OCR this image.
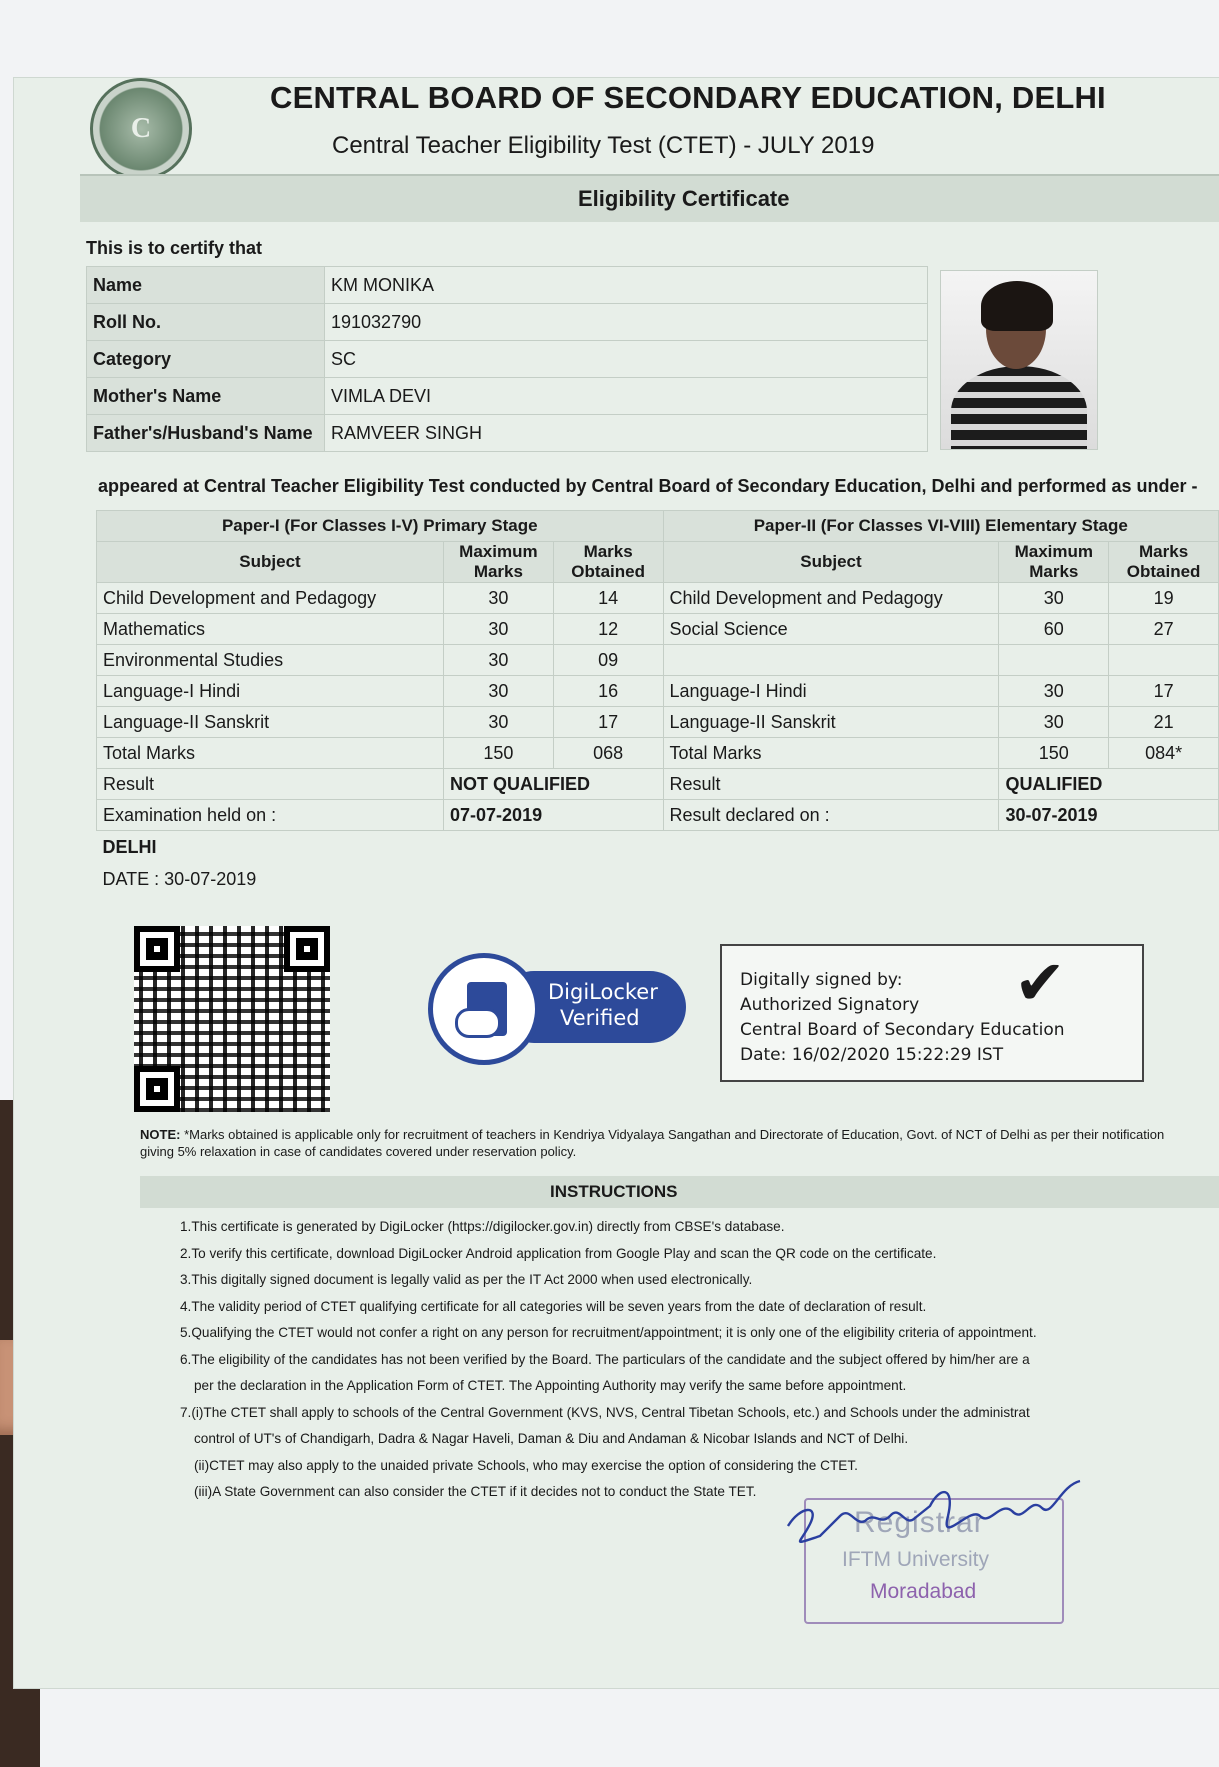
C
CENTRAL BOARD OF SECONDARY EDUCATION, DELHI
Central Teacher Eligibility Test (CTET) - JULY 2019
Eligibility Certificate
This is to certify that
Name	KM MONIKA
Roll No.	191032790
Category	SC
Mother's Name	VIMLA DEVI
Father's/Husband's Name	RAMVEER SINGH
appeared at Central Teacher Eligibility Test conducted by Central Board of Secondary Education, Delhi and performed as under -
Paper-I (For Classes I-V) Primary Stage			Paper-II (For Classes VI-VIII) Elementary Stage		
Subject	Maximum Marks	Marks Obtained	Subject	Maximum Marks	Marks Obtained
Child Development and Pedagogy	30	14	Child Development and Pedagogy	30	19
Mathematics	30	12	Social Science	60	27
Environmental Studies	30	09			
Language-I Hindi	30	16	Language-I Hindi	30	17
Language-II Sanskrit	30	17	Language-II Sanskrit	30	21
Total Marks	150	068	Total Marks	150	084*
Result	NOT QUALIFIED		Result	QUALIFIED	
Examination held on :	07-07-2019		Result declared on :	30-07-2019	
DELHI					
DATE : 30-07-2019					
DigiLocker
Verified
Digitally signed by:
Authorized Signatory
Central Board of Secondary Education
Date: 16/02/2020 15:22:29 IST
✔
NOTE: *Marks obtained is applicable only for recruitment of teachers in Kendriya Vidyalaya Sangathan and Directorate of Education, Govt. of NCT of Delhi as per their notification giving 5% relaxation in case of candidates covered under reservation policy.
INSTRUCTIONS

1.This certificate is generated by DigiLocker (https://digilocker.gov.in) directly from CBSE's database.

2.To verify this certificate, download DigiLocker Android application from Google Play and scan the QR code on the certificate.

3.This digitally signed document is legally valid as per the IT Act 2000 when used electronically.

4.The validity period of CTET qualifying certificate for all categories will be seven years from the date of declaration of result.

5.Qualifying the CTET would not confer a right on any person for recruitment/appointment; it is only one of the eligibility criteria of appointment.

6.The eligibility of the candidates has not been verified by the Board. The particulars of the candidate and the subject offered by him/her are a

per the declaration in the Application Form of CTET. The Appointing Authority may verify the same before appointment.

7.(i)The CTET shall apply to schools of the Central Government (KVS, NVS, Central Tibetan Schools, etc.) and Schools under the administrat

control of UT's of Chandigarh, Dadra & Nagar Haveli, Daman & Diu and Andaman & Nicobar Islands and NCT of Delhi.

(ii)CTET may also apply to the unaided private Schools, who may exercise the option of considering the CTET.

(iii)A State Government can also consider the CTET if it decides not to conduct the State TET.

Registrar
IFTM University
Moradabad
